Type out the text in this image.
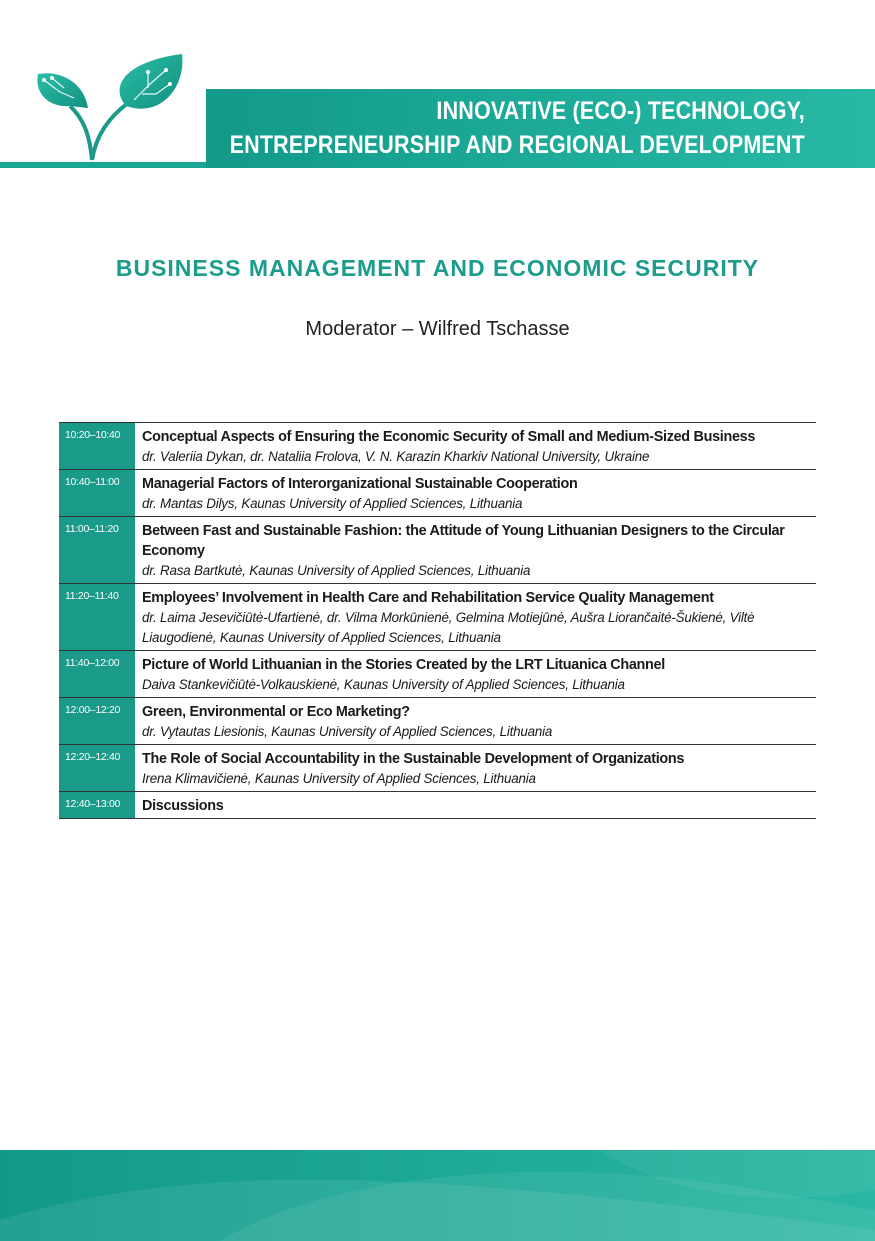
INNOVATIVE (ECO-) TECHNOLOGY,
ENTREPRENEURSHIP AND REGIONAL DEVELOPMENT
BUSINESS MANAGEMENT AND ECONOMIC SECURITY
Moderator – Wilfred Tschasse
10:20–10:40	Conceptual Aspects of Ensuring the Economic Security of Small and Medium-Sized Business
dr. Valeriia Dykan, dr. Nataliia Frolova, V. N. Karazin Kharkiv National University, Ukraine
10:40–11:00	Managerial Factors of Interorganizational Sustainable Cooperation
dr. Mantas Dilys, Kaunas University of Applied Sciences, Lithuania
11:00–11:20	Between Fast and Sustainable Fashion: the Attitude of Young Lithuanian Designers to the Circular Economy
dr. Rasa Bartkutė, Kaunas University of Applied Sciences, Lithuania
11:20–11:40	Employees’ Involvement in Health Care and Rehabilitation Service Quality Management
dr. Laima Jesevičiūtė-Ufartienė, dr. Vilma Morkūnienė, Gelmina Motiejūnė, Aušra Liorančaitė-Šukienė, Viltė Liaugodienė, Kaunas University of Applied Sciences, Lithuania
11:40–12:00	Picture of World Lithuanian in the Stories Created by the LRT Lituanica Channel
Daiva Stankevičiūtė-Volkauskienė, Kaunas University of Applied Sciences, Lithuania
12:00–12:20	Green, Environmental or Eco Marketing?
dr. Vytautas Liesionis, Kaunas University of Applied Sciences, Lithuania
12:20–12:40	The Role of Social Accountability in the Sustainable Development of Organizations
Irena Klimavičienė, Kaunas University of Applied Sciences, Lithuania
12:40–13:00	Discussions
